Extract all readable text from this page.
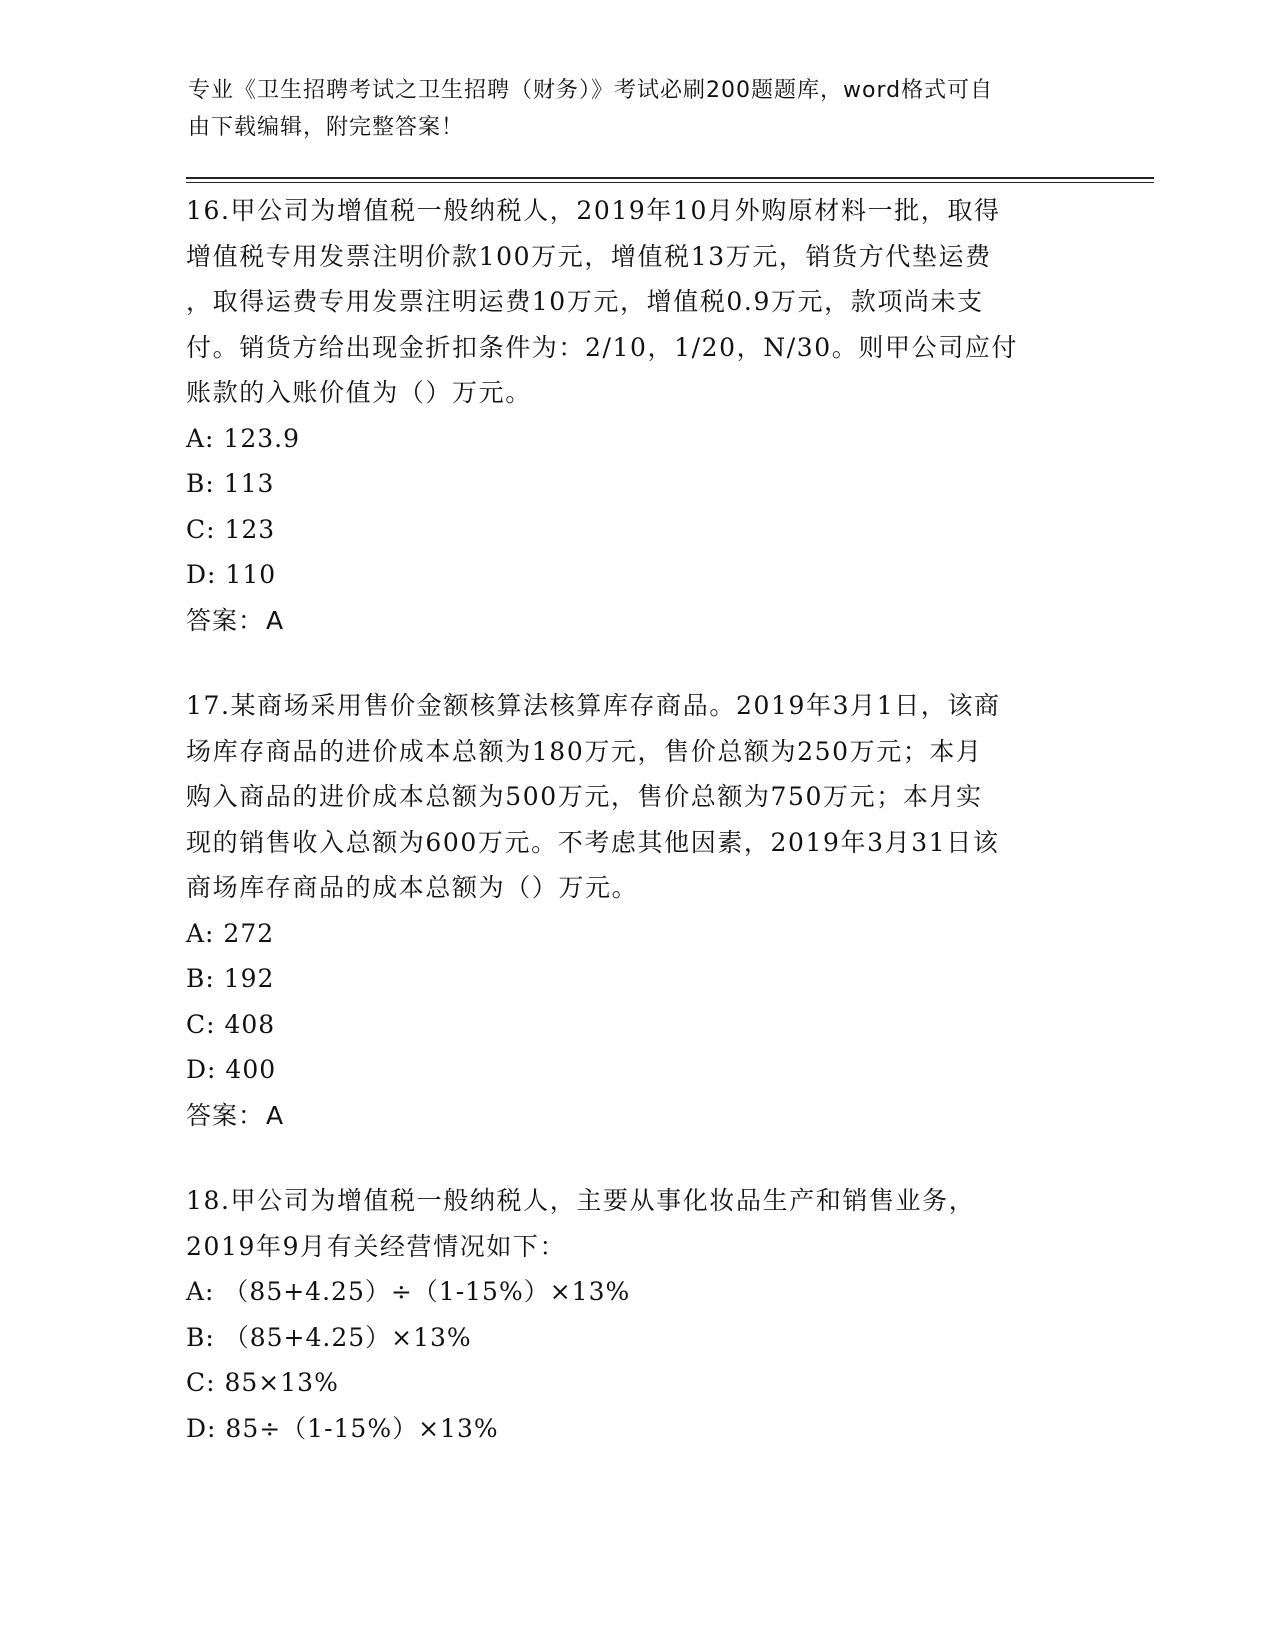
专业《卫生招聘考试之卫生招聘（财务）》考试必刷200题题库，word格式可自
由下载编辑，附完整答案！
16.甲公司为增值税一般纳税人，2019年10月外购原材料一批，取得
增值税专用发票注明价款100万元，增值税13万元，销货方代垫运费
，取得运费专用发票注明运费10万元，增值税0.9万元，款项尚未支
付。销货方给出现金折扣条件为：2/10，1/20，N/30。则甲公司应付
账款的入账价值为（）万元。
A: 123.9
B: 113
C: 123
D: 110
答案：A
17.某商场采用售价金额核算法核算库存商品。2019年3月1日，该商
场库存商品的进价成本总额为180万元，售价总额为250万元；本月
购入商品的进价成本总额为500万元，售价总额为750万元；本月实
现的销售收入总额为600万元。不考虑其他因素，2019年3月31日该
商场库存商品的成本总额为（）万元。
A: 272
B: 192
C: 408
D: 400
答案：A
18.甲公司为增值税一般纳税人，主要从事化妆品生产和销售业务，
2019年9月有关经营情况如下：
A: （85+4.25）÷（1-15%）×13%
B: （85+4.25）×13%
C: 85×13%
D: 85÷（1-15%）×13%
